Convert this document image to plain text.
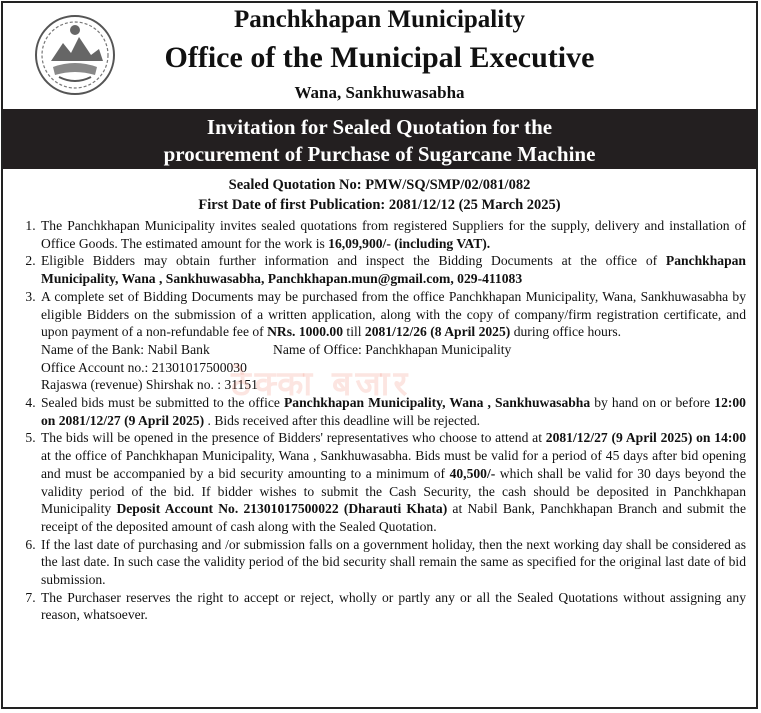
Panchkhapan Municipality
Office of the Municipal Executive
Wana, Sankhuwasabha
Invitation for Sealed Quotation for the
procurement of Purchase of Sugarcane Machine
Sealed Quotation No: PMW/SQ/SMP/02/081/082
First Date of first Publication: 2081/12/12 (25 March 2025)
1. The Panchkhapan Municipality invites sealed quotations from registered Suppliers for the supply, delivery and installation of Office Goods. The estimated amount for the work is 16,09,900/- (including VAT).
2. Eligible Bidders may obtain further information and inspect the Bidding Documents at the office of Panchkhapan Municipality, Wana , Sankhuwasabha, Panchkhapan.mun@gmail.com, 029-411083
3. A complete set of Bidding Documents may be purchased from the office Panchkhapan Municipality, Wana, Sankhuwasabha by eligible Bidders on the submission of a written application, along with the copy of company/firm registration certificate, and upon payment of a non-refundable fee of NRs. 1000.00 till 2081/12/26 (8 April 2025) during office hours.
Name of the Bank: Nabil Bank	Name of Office: Panchkhapan Municipality
Office Account no.: 21301017500030
Rajaswa (revenue) Shirshak no. : 31151
4. Sealed bids must be submitted to the office Panchkhapan Municipality, Wana , Sankhuwasabha by hand on or before 12:00 on 2081/12/27 (9 April 2025) . Bids received after this deadline will be rejected.
5. The bids will be opened in the presence of Bidders' representatives who choose to attend at 2081/12/27 (9 April 2025) on 14:00 at the office of Panchkhapan Municipality, Wana , Sankhuwasabha. Bids must be valid for a period of 45 days after bid opening and must be accompanied by a bid security amounting to a minimum of 40,500/- which shall be valid for 30 days beyond the validity period of the bid. If bidder wishes to submit the Cash Security, the cash should be deposited in Panchkhapan Municipality Deposit Account No. 21301017500022 (Dharauti Khata) at Nabil Bank, Panchkhapan Branch and submit the receipt of the deposited amount of cash along with the Sealed Quotation.
6. If the last date of purchasing and /or submission falls on a government holiday, then the next working day shall be considered as the last date. In such case the validity period of the bid security shall remain the same as specified for the original last date of bid submission.
7. The Purchaser reserves the right to accept or reject, wholly or partly any or all the Sealed Quotations without assigning any reason, whatsoever.
ठेक्का बजार
